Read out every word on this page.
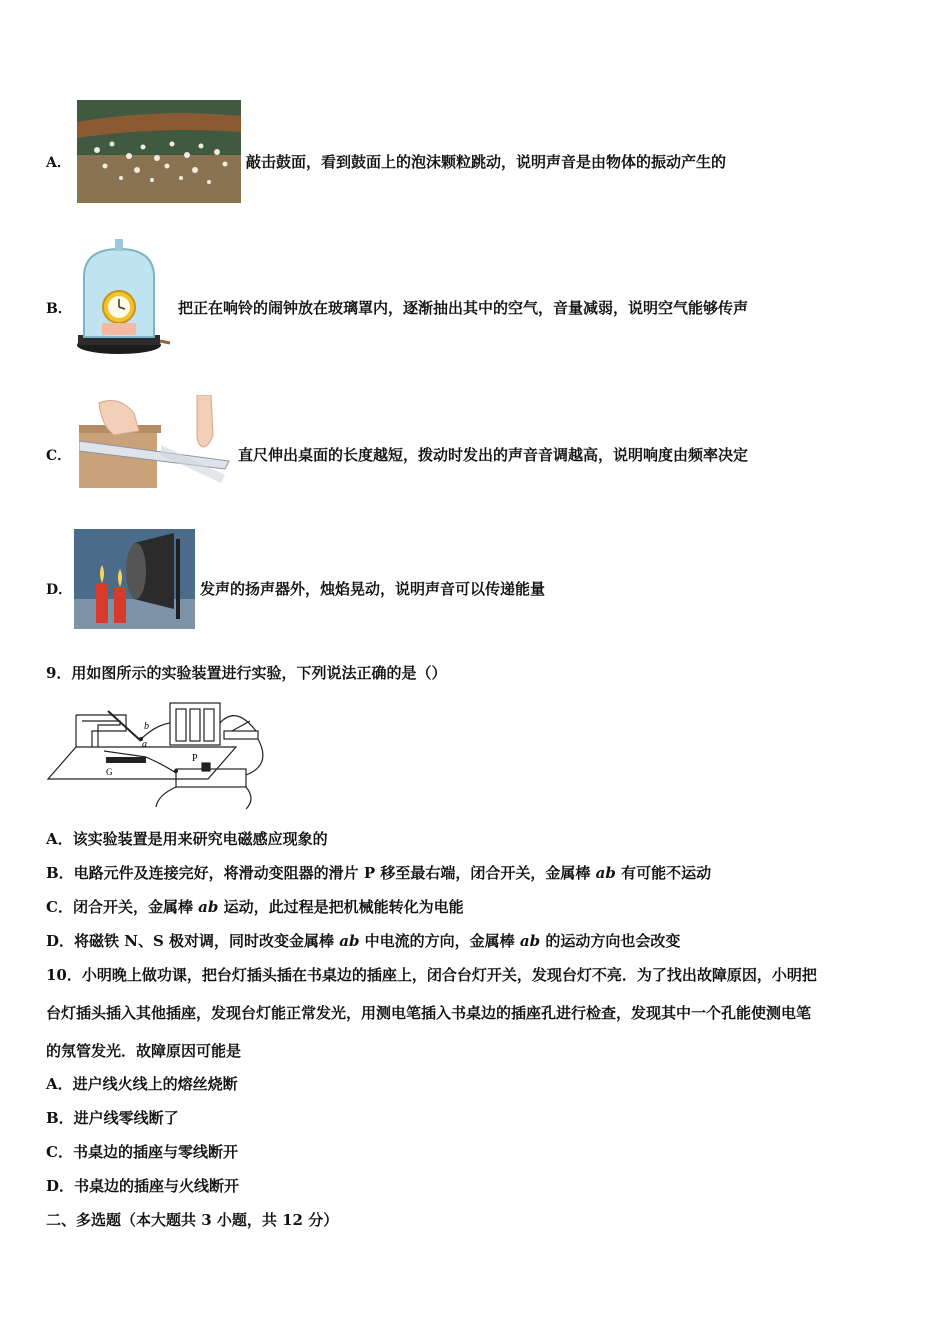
A．	敲击鼓面，看到鼓面上的泡沫颗粒跳动，说明声音是由物体的振动产生的
B．	把正在响铃的闹钟放在玻璃罩内，逐渐抽出其中的空气，音量减弱，说明空气能够传声
C．	直尺伸出桌面的长度越短，拨动时发出的声音音调越高，说明响度由频率决定
D．	发声的扬声器外，烛焰晃动，说明声音可以传递能量
9．用如图所示的实验装置进行实验，下列说法正确的是（）
b
a
G
P
A．该实验装置是用来研究电磁感应现象的
B．电路元件及连接完好，将滑动变阻器的滑片 P 移至最右端，闭合开关，金属棒 ab 有可能不运动
C．闭合开关，金属棒 ab 运动，此过程是把机械能转化为电能
D．将磁铁 N、S 极对调，同时改变金属棒 ab 中电流的方向，金属棒 ab 的运动方向也会改变
10．小明晚上做功课，把台灯插头插在书桌边的插座上，闭合台灯开关，发现台灯不亮．为了找出故障原因，小明把
台灯插头插入其他插座，发现台灯能正常发光，用测电笔插入书桌边的插座孔进行检查，发现其中一个孔能使测电笔
的氖管发光．故障原因可能是
A．进户线火线上的熔丝烧断
B．进户线零线断了
C．书桌边的插座与零线断开
D．书桌边的插座与火线断开
二、多选题（本大题共 3 小题，共 12 分）
